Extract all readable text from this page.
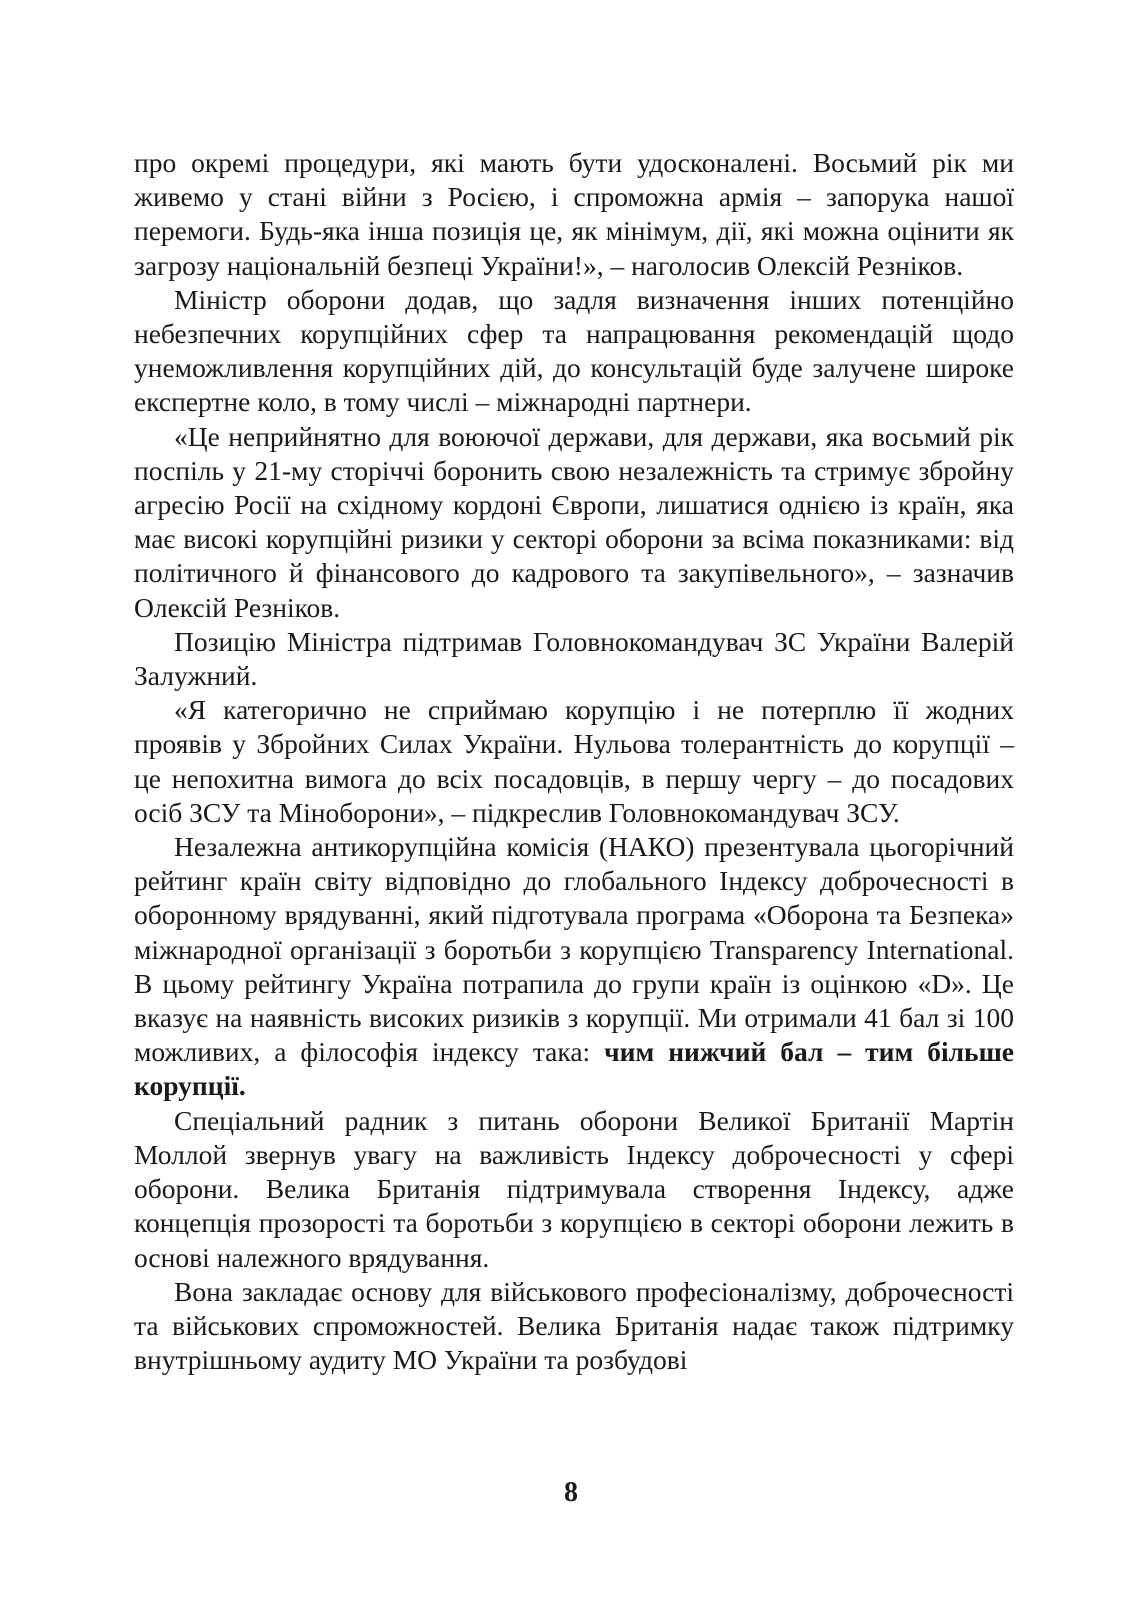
про окремі процедури, які мають бути удосконалені. Восьмий рік ми живемо у стані війни з Росією, і спроможна армія – запорука нашої перемоги. Будь-яка інша позиція це, як мінімум, дії, які можна оцінити як загрозу національній безпеці України!», – наголосив Олексій Резніков.

Міністр оборони додав, що задля визначення інших потенційно небезпечних корупційних сфер та напрацювання рекомендацій щодо унеможливлення корупційних дій, до консультацій буде залучене широке експертне коло, в тому числі – міжнародні партнери.

«Це неприйнятно для воюючої держави, для держави, яка восьмий рік поспіль у 21-му сторіччі боронить свою незалежність та стримує збройну агресію Росії на східному кордоні Європи, лишатися однією із країн, яка має високі корупційні ризики у секторі оборони за всіма показниками: від політичного й фінансового до кадрового та закупівельного», – зазначив Олексій Резніков.

Позицію Міністра підтримав Головнокомандувач ЗС України Валерій Залужний.

«Я категорично не сприймаю корупцію і не потерплю її жодних проявів у Збройних Силах України. Нульова толерантність до корупції – це непохитна вимога до всіх посадовців, в першу чергу – до посадових осіб ЗСУ та Міноборони», – підкреслив Головнокомандувач ЗСУ.

Незалежна антикорупційна комісія (НАКО) презентувала цьогорічний рейтинг країн світу відповідно до глобального Індексу доброчесності в оборонному врядуванні, який підготувала програма «Оборона та Безпека» міжнародної організації з боротьби з корупцією Transparency International. В цьому рейтингу Україна потрапила до групи країн із оцінкою «D». Це вказує на наявність високих ризиків з корупції. Ми отримали 41 бал зі 100 можливих, а філософія індексу така: чим нижчий бал – тим більше корупції.

Спеціальний радник з питань оборони Великої Британії Мартін Моллой звернув увагу на важливість Індексу доброчесності у сфері оборони. Велика Британія підтримувала створення Індексу, адже концепція прозорості та боротьби з корупцією в секторі оборони лежить в основі належного врядування.

Вона закладає основу для військового професіоналізму, доброчесності та військових спроможностей. Велика Британія надає також підтримку внутрішньому аудиту МО України та розбудові

8
